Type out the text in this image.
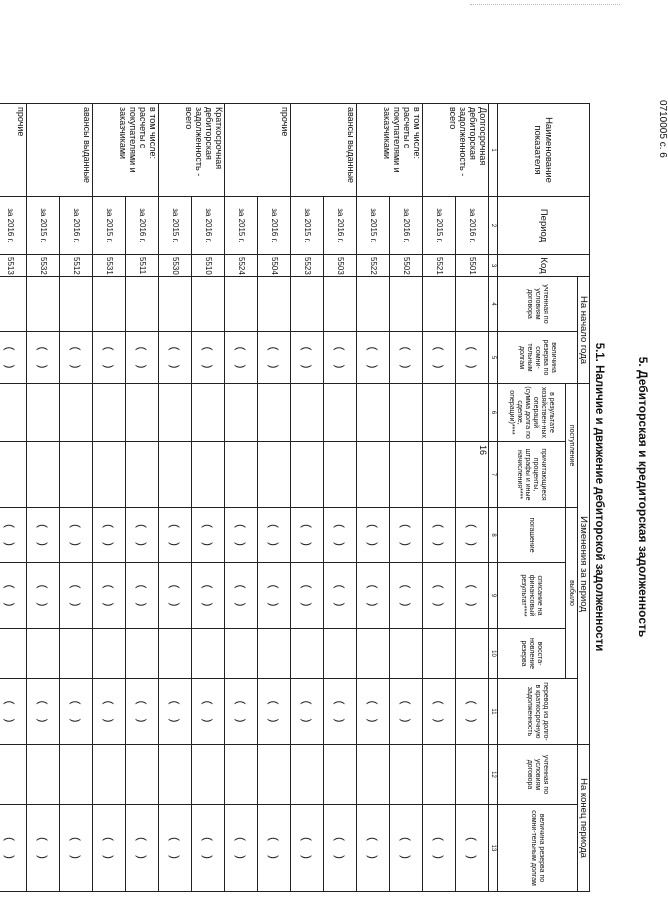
0710005 с. 6
16	5. Дебиторская и кредиторская задолженность
5.1. Наличие и движение дебиторской задолженности
Наименование показателя	Период	Код	На начало года		Изменения за период						На конец периода	
			учтенная по условиям договора	величина резерва по сомни-тельным долгам	поступление		выбыло			перевод из долго- в краткосрочную задолженность	учтенная по условиям договора	величина резерва по сомни-тельным долгам
					в результате хозяйствен-ных операций (сумма долга по сделке, операции)****	причитающиеся проценты, штрафы и иные начисления****	погашение	списание на финансовый результат****	восста-новление резерва			

1	2	3	4	5	6	7	8	9	10	11	12	13
Долгосрочная дебиторская задолженность - всего	за 2016 г.	5501		()			()	()		()		()
	за 2015 г.	5521		()			()	()		()		()
в том числе: расчеты с покупателями и заказчиками	за 2016 г.	5502		()			()	()		()		()
	за 2015 г.	5522		()			()	()		()		()
авансы выданные	за 2016 г.	5503		()			()	()		()		()
	за 2015 г.	5523		()			()	()		()		()
прочие	за 2016 г.	5504		()			()	()		()		()
	за 2015 г.	5524		()			()	()		()		()
Краткосрочная дебиторская задолженность - всего	за 2016 г.	5510		()			()	()		()		()
	за 2015 г.	5530		()			()	()		()		()
в том числе: расчеты с покупателями и заказчиками	за 2016 г.	5511		()			()	()		()		()
	за 2015 г.	5531		()			()	()		()		()
авансы выданные	за 2016 г.	5512		()			()	()		()		()
	за 2015 г.	5532		()			()	()		()		()
прочие	за 2016 г.	5513		()			()	()		()		()
